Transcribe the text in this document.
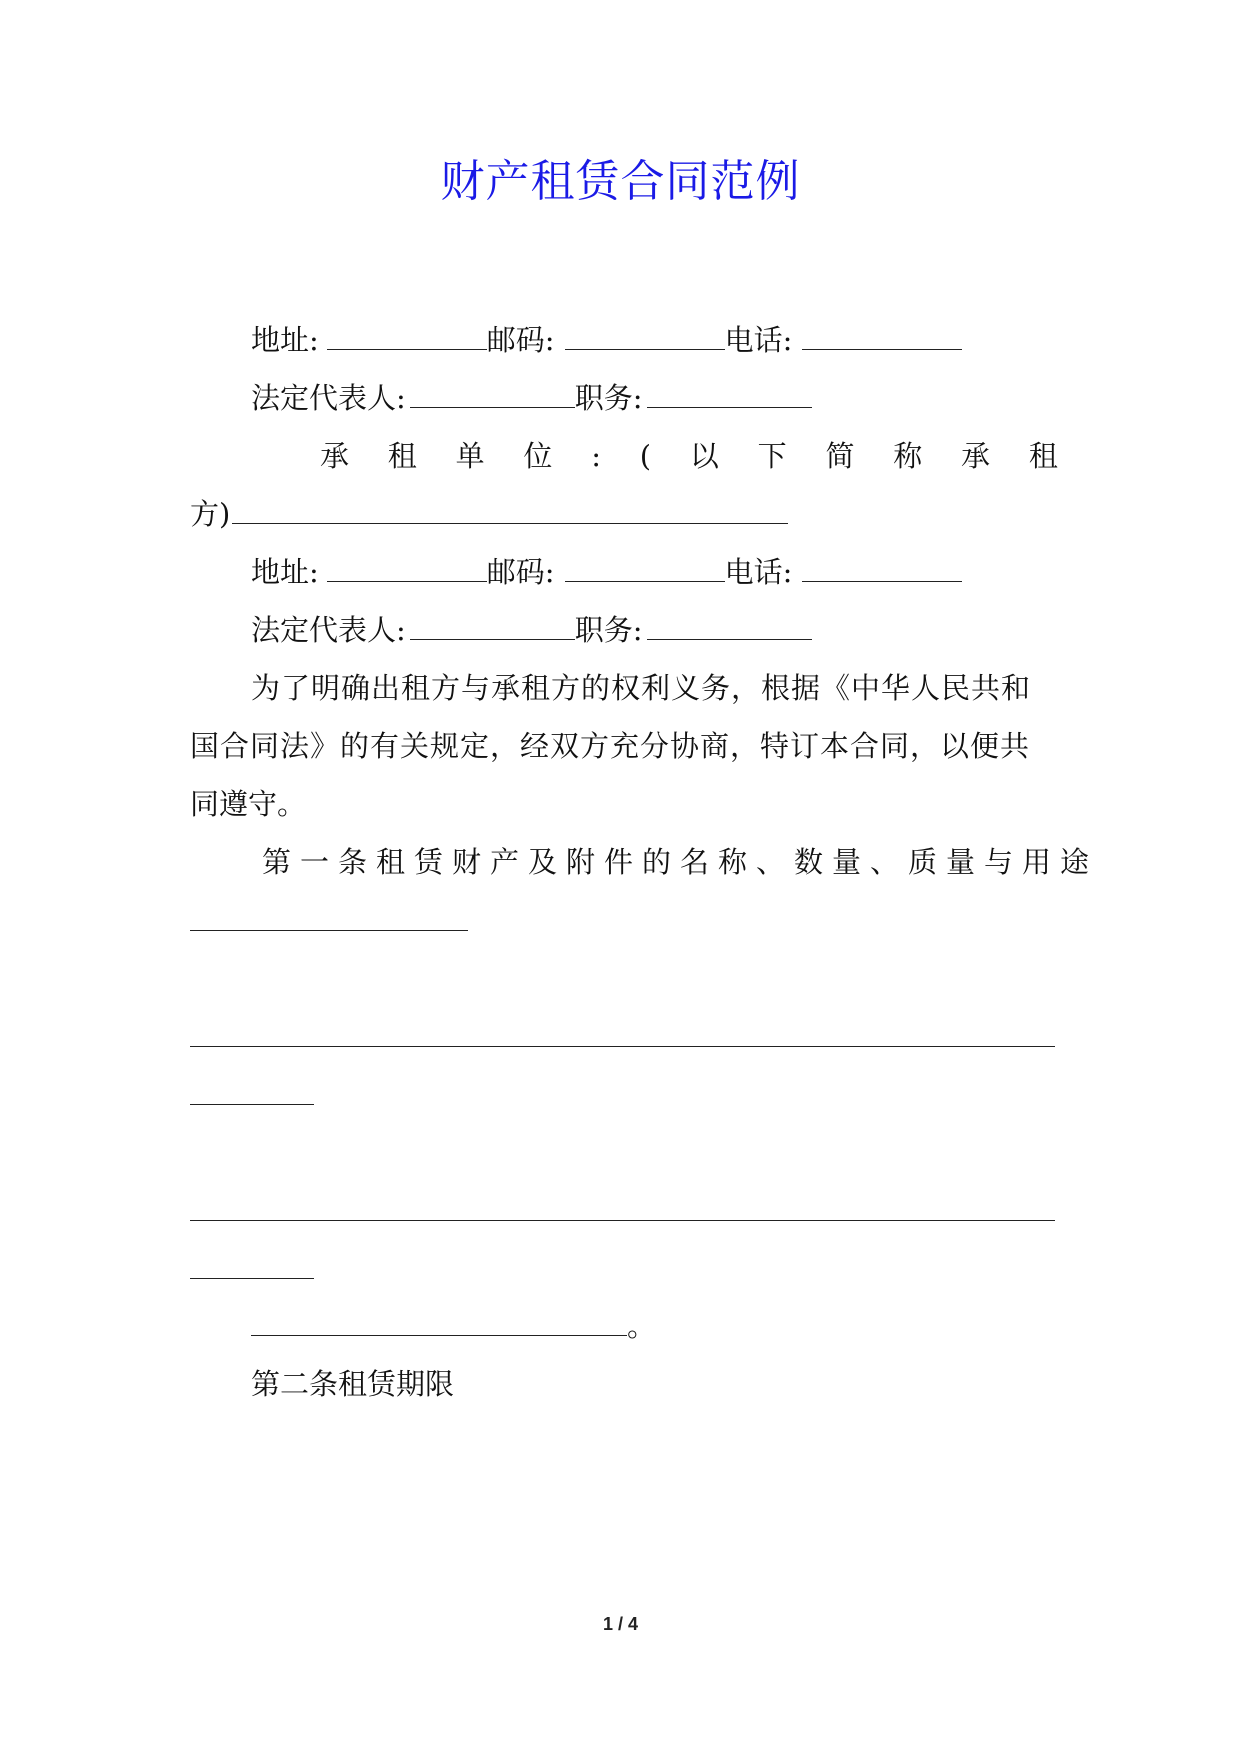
财产租赁合同范例
地址:	邮码:	电话:
法定代表人:	职务:
承 租 单 位 : ( 以 下 简 称 承 租
方)
地址:	邮码:	电话:
法定代表人:	职务:
为了明确出租方与承租方的权利义务，根据《中华人民共和
国合同法》的有关规定，经双方充分协商，特订本合同，以便共
同遵守。
第一条租赁财产及附件的名称、数量、质量与用途
。
第二条租赁期限
1 / 4
